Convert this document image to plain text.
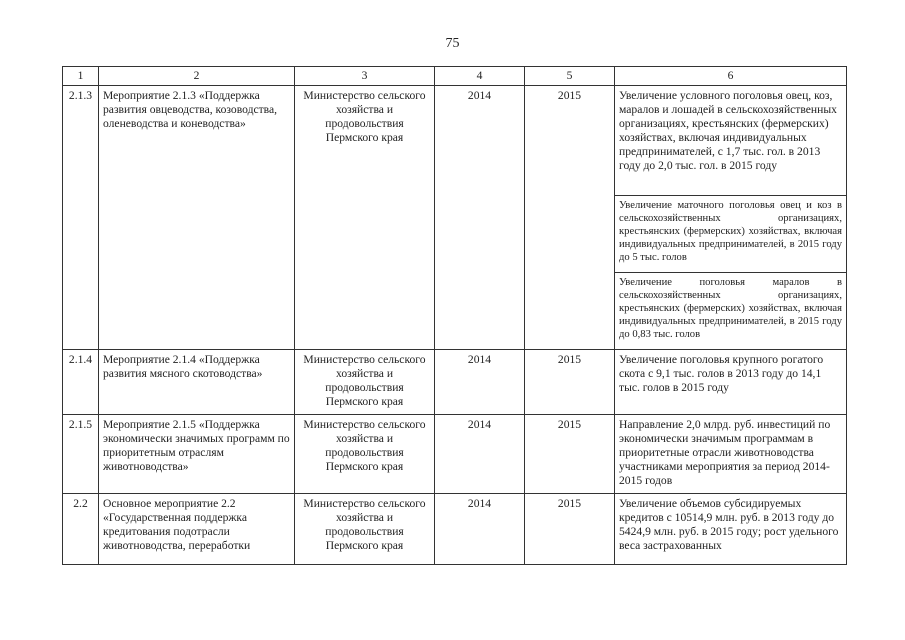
75
1	2	3	4	5	6
2.1.3	Мероприятие 2.1.3 «Поддержка развития овцеводства, козоводства, оленеводства и коневодства»	Министерство сельского хозяйства и продовольствия Пермского края	2014	2015	Увеличение условного поголовья овец, коз, маралов и лошадей в сельскохозяйственных организациях, крестьянских (фермерских) хозяйствах, включая индивидуальных предпринимателей, с 1,7 тыс. гол. в 2013 году до 2,0 тыс. гол. в 2015 году
					Увеличение маточного поголовья овец и коз в сельскохозяйственных организациях, крестьянских (фермерских) хозяйствах, включая индивидуальных предпринимателей, в 2015 году до 5 тыс. голов
					Увеличение поголовья маралов в сельскохозяйственных организациях, крестьянских (фермерских) хозяйствах, включая индивидуальных предпринимателей, в 2015 году до 0,83 тыс. голов
2.1.4	Мероприятие 2.1.4 «Поддержка развития мясного скотоводства»	Министерство сельского хозяйства и продовольствия Пермского края	2014	2015	Увеличение поголовья крупного рогатого скота с 9,1 тыс. голов в 2013 году до 14,1 тыс. голов в 2015 году
2.1.5	Мероприятие 2.1.5 «Поддержка экономически значимых программ по приоритетным отраслям животноводства»	Министерство сельского хозяйства и продовольствия Пермского края	2014	2015	Направление 2,0 млрд. руб. инвестиций по экономически значимым программам в приоритетные отрасли животноводства участниками мероприятия за период 2014-2015 годов
2.2	Основное мероприятие 2.2 «Государственная поддержка кредитования подотрасли животноводства, переработки	Министерство сельского хозяйства и продовольствия Пермского края	2014	2015	Увеличение объемов субсидируемых кредитов с 10514,9 млн. руб. в 2013 году до 5424,9 млн. руб. в 2015 году; рост удельного веса застрахованных
